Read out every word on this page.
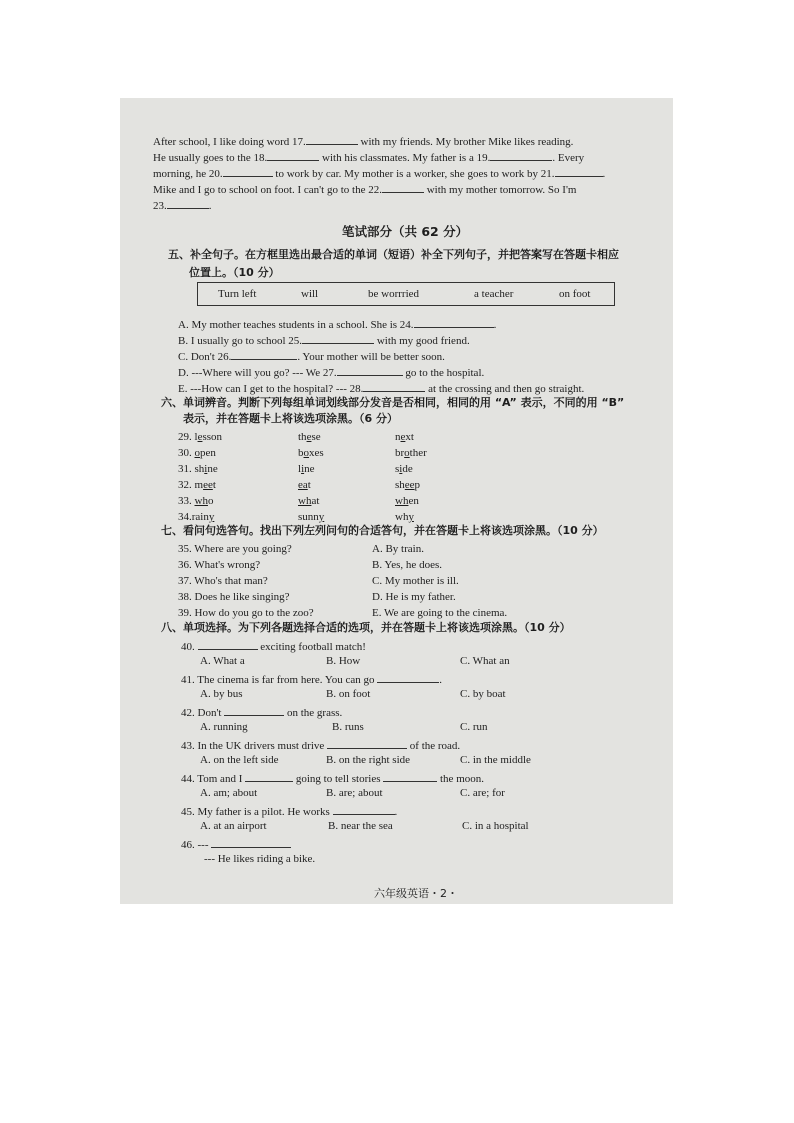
After school, I like doing word 17.	with my friends. My brother Mike likes reading.
He usually goes to the 18.	with his classmates. My father is a 19.	. Every
morning, he 20.	to work by car. My mother is a worker, she goes to work by 21.	.
Mike and I go to school on foot. I can't go to the 22.	with my mother tomorrow. So I'm
23.	.
笔试部分（共 62 分）
五、补全句子。在方框里选出最合适的单词（短语）补全下列句子，并把答案写在答题卡相应
位置上。（10 分）
Turn left	will	be worrried	a teacher	on foot
A. My mother teaches students in a school. She is 24.	.
B. I usually go to school 25.	with my good friend.
C. Don't 26.	. Your mother will be better soon.
D. ---Where will you go? --- We 27.	go to the hospital.
E. ---How can I get to the hospital? --- 28.	at the crossing and then go straight.
六、单词辨音。判断下列每组单词划线部分发音是否相同，相同的用 “A” 表示，不同的用 “B”
表示，并在答题卡上将该选项涂黑。（6 分）
29. lesson	these	next
30. open	boxes	brother
31. shine	line	side
32. meet	eat	sheep
33. who	what	when
34.rainy	sunny	why
七、看问句选答句。找出下列左列问句的合适答句，并在答题卡上将该选项涂黑。（10 分）
35. Where are you going?	A. By train.
36. What's wrong?	B. Yes, he does.
37. Who's that man?	C. My mother is ill.
38. Does he like singing?	D. He is my father.
39. How do you go to the zoo?	E. We are going to the cinema.
八、单项选择。为下列各题选择合适的选项，并在答题卡上将该选项涂黑。（10 分）
40.	exciting football match!
A. What a	B. How	C. What an
41. The cinema is far from here. You can go	.
A. by bus	B. on foot	C. by boat
42. Don't	on the grass.
A. running	B. runs	C. run
43. In the UK drivers must drive	of the road.
A. on the left side	B. on the right side	C. in the middle
44. Tom and I	going to tell stories	the moon.
A. am; about	B. are; about	C. are; for
45. My father is a pilot. He works	.
A. at an airport	B. near the sea	C. in a hospital
46. ---
--- He likes riding a bike.
六年级英语・2・
